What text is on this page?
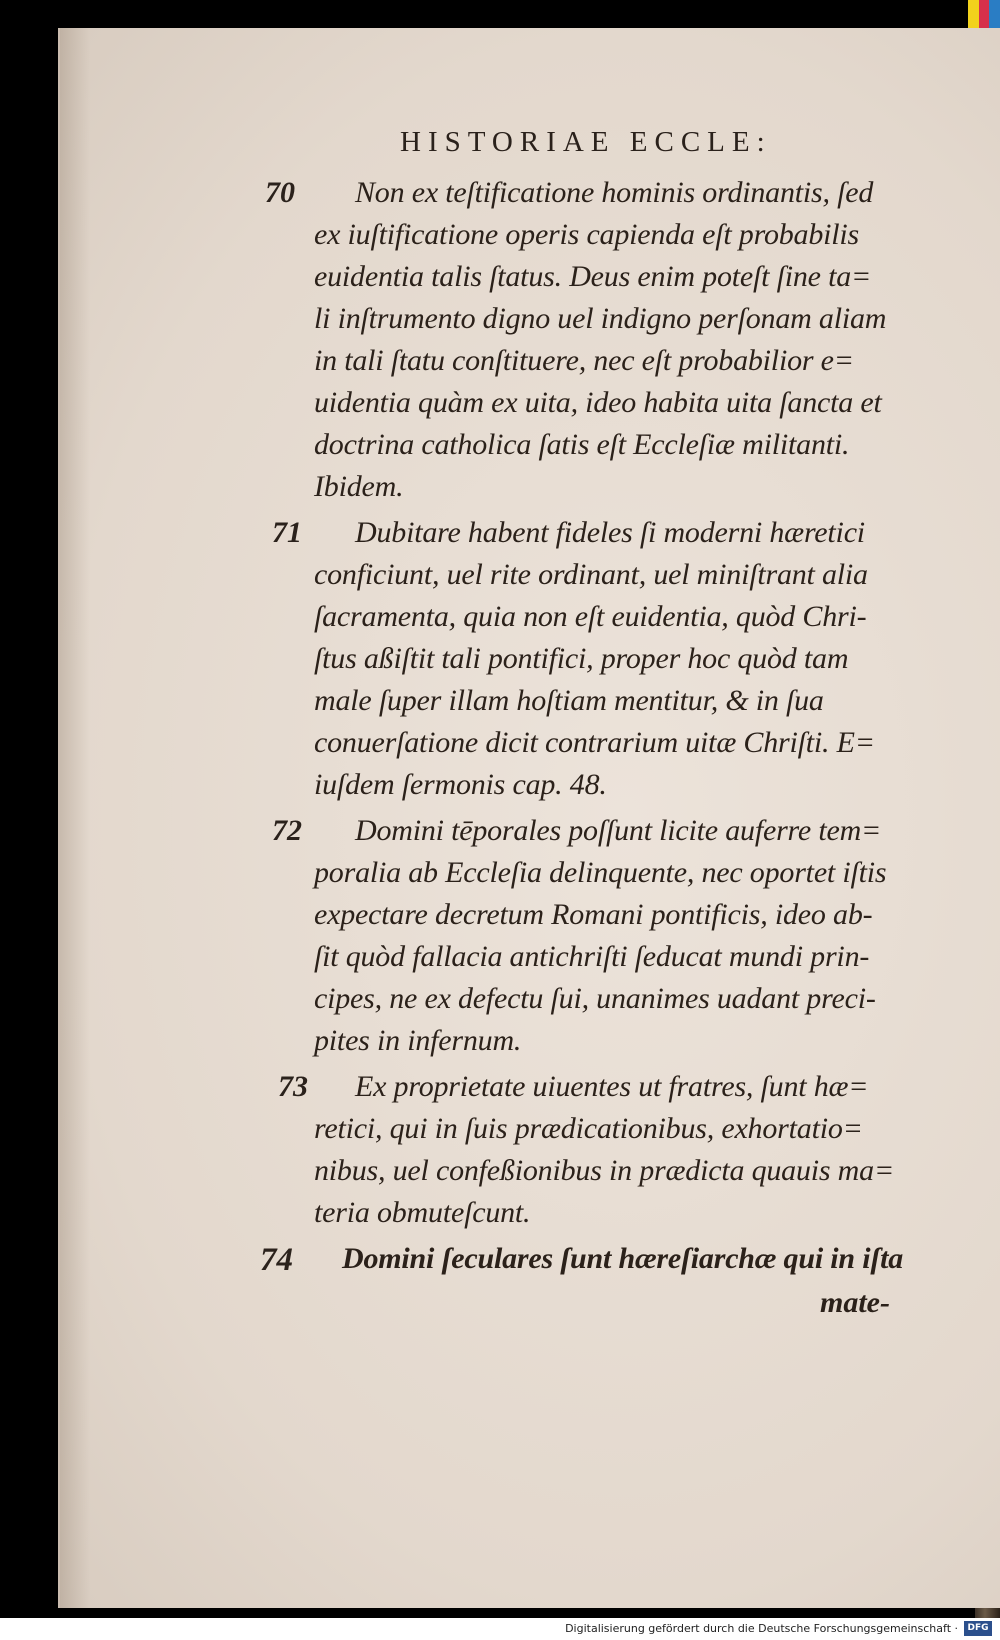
HISTORIAE ECCLE:
70 Non ex teſtificatione hominis ordinantis, ſed
ex iuſtificatione operis capienda eſt probabilis
euidentia talis ſtatus. Deus enim poteſt ſine ta=
li inſtrumento digno uel indigno perſonam aliam
in tali ſtatu conſtituere, nec eſt probabilior e=
uidentia quàm ex uita, ideo habita uita ſancta et
doctrina catholica ſatis eſt Eccleſiæ militanti.
Ibidem.
71 Dubitare habent fideles ſi moderni hæretici
conficiunt, uel rite ordinant, uel miniſtrant alia
ſacramenta, quia non eſt euidentia, quòd Chri-
ſtus aßiſtit tali pontifici, proper hoc quòd tam
male ſuper illam hoſtiam mentitur, & in ſua
conuerſatione dicit contrarium uitæ Chriſti. E=
iuſdem ſermonis cap. 48.
72 Domini tēporales poſſunt licite auferre tem=
poralia ab Eccleſia delinquente, nec oportet iſtis
expectare decretum Romani pontificis, ideo ab-
ſit quòd fallacia antichriſti ſeducat mundi prin-
cipes, ne ex defectu ſui, unanimes uadant preci-
pites in infernum.
73 Ex proprietate uiuentes ut fratres, ſunt hæ=
retici, qui in ſuis prædicationibus, exhortatio=
nibus, uel confeßionibus in prædicta quauis ma=
teria obmuteſcunt.
74 Domini ſeculares ſunt hæreſiarchæ qui in iſta
mate-
Digitalisierung gefördert durch die Deutsche Forschungsgemeinschaft ·	DFG
